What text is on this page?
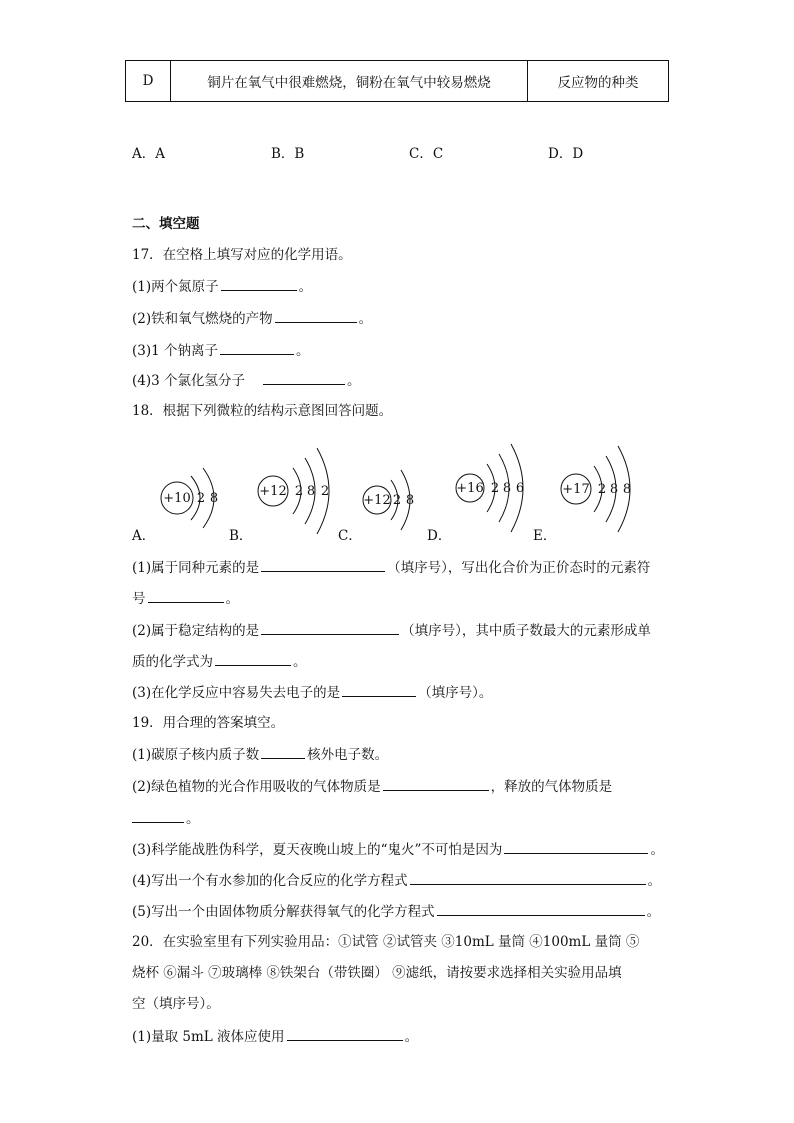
D	铜片在氧气中很难燃烧，铜粉在氧气中较易燃烧	反应物的种类
A．A	B．B	C．C	D．D
二、填空题
17．在空格上填写对应的化学用语。
(1)两个氮原子	。
(2)铁和氧气燃烧的产物	。
(3)1 个钠离子	。
(4)3 个氯化氢分子	。
18．根据下列微粒的结构示意图回答问题。
+10 2 8	+12 2 8 2
+12 2 8
+16 2 8 6	+17 2 8 8
A．	B．	C．	D．	E．
(1)属于同种元素的是	（填序号），写出化合价为正价态时的元素符
号	。
(2)属于稳定结构的是	（填序号），其中质子数最大的元素形成单
质的化学式为	。
(3)在化学反应中容易失去电子的是	（填序号）。
19．用合理的答案填空。
(1)碳原子核内质子数	核外电子数。
(2)绿色植物的光合作用吸收的气体物质是	，释放的气体物质是
。
(3)科学能战胜伪科学，夏天夜晚山坡上的“鬼火”不可怕是因为	。
(4)写出一个有水参加的化合反应的化学方程式	。
(5)写出一个由固体物质分解获得氧气的化学方程式	。
20．在实验室里有下列实验用品：①试管 ②试管夹 ③10mL 量筒 ④100mL 量筒 ⑤
烧杯 ⑥漏斗 ⑦玻璃棒 ⑧铁架台（带铁圈） ⑨滤纸，请按要求选择相关实验用品填
空（填序号）。
(1)量取 5mL 液体应使用	。
